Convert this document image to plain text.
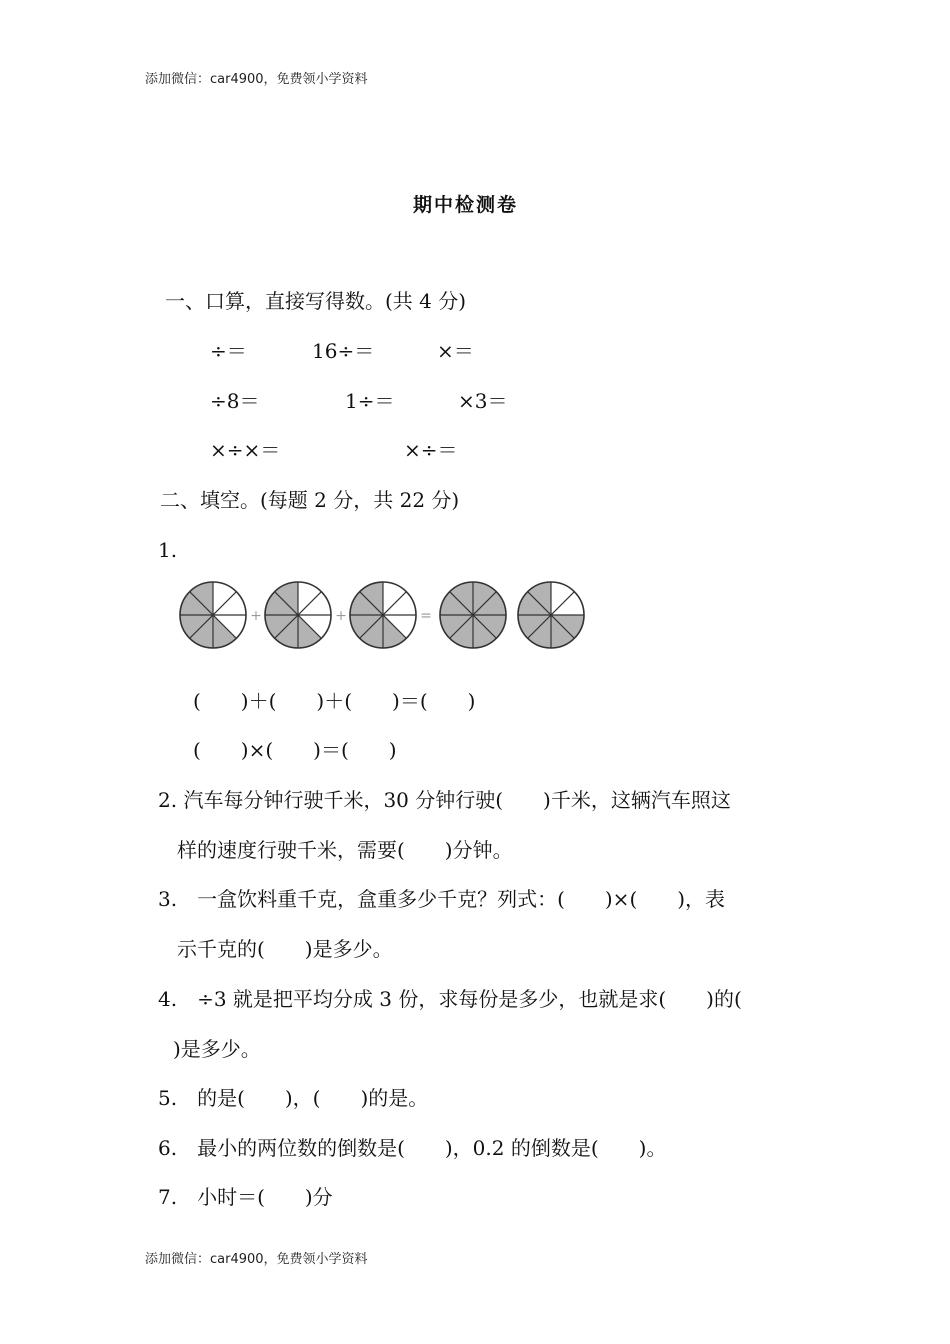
添加微信：car4900，免费领小学资料
期中检测卷
一、口算，直接写得数。(共 4 分)
÷＝	16÷＝	×＝
÷8＝	1÷＝	×3＝
×÷×＝	×÷＝
二、填空。(每题 2 分，共 22 分)
1.
+	+	=
(　　)＋(　　)＋(　　)＝(　　)
(　　)×(　　)＝(　　)
2. 汽车每分钟行驶千米，30 分钟行驶(　　)千米，这辆汽车照这
样的速度行驶千米，需要(　　)分钟。
3.　一盒饮料重千克，盒重多少千克？列式：(　　)×(　　)，表
示千克的(　　)是多少。
4.　÷3 就是把平均分成 3 份，求每份是多少，也就是求(　　)的(
)是多少。
5.　的是(　　)，(　　)的是。
6.　最小的两位数的倒数是(　　)，0.2 的倒数是(　　)。
7.　小时＝(　　)分
添加微信：car4900，免费领小学资料
